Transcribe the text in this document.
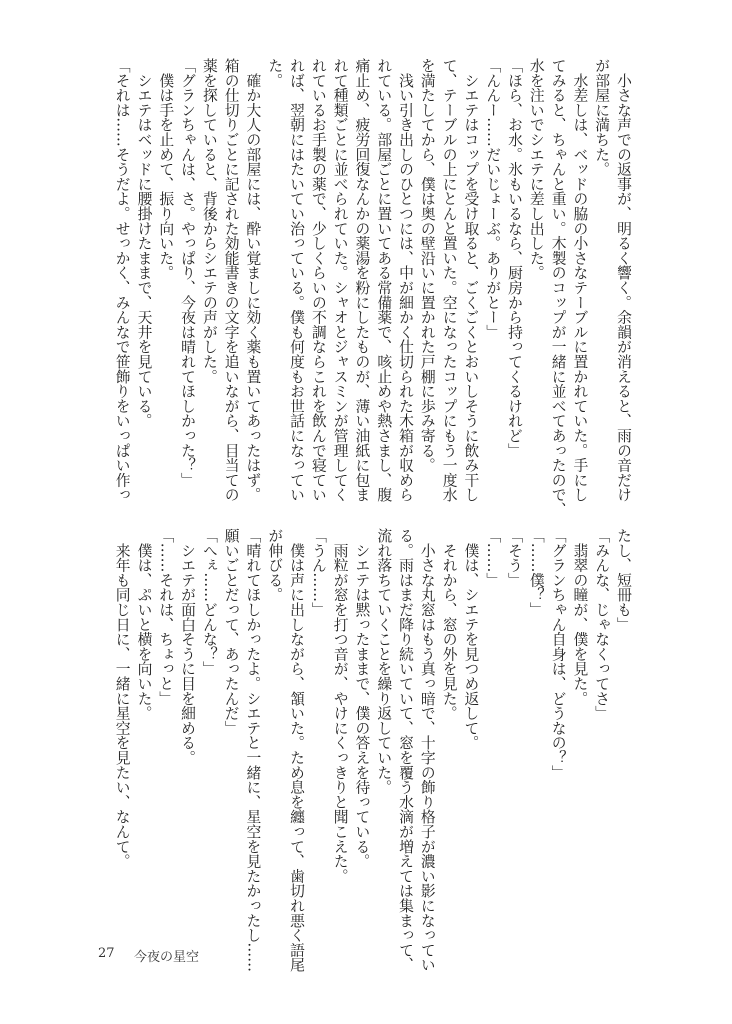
　小さな声での返事が、明るく響く。余韻が消えると、雨の音だけ
が部屋に満ちた。
　水差しは、ベッドの脇の小さなテーブルに置かれていた。手にし
てみると、ちゃんと重い。木製のコップが一緒に並べてあったので、
水を注いでシエテに差し出した。
「ほら、お水。氷もいるなら、厨房から持ってくるけれど」
「んんー……だいじょーぶ。ありがとー」
　シエテはコップを受け取ると、ごくごくとおいしそうに飲み干し
て、テーブルの上にとんと置いた。空になったコップにもう一度水
を満たしてから、僕は奥の壁沿いに置かれた戸棚に歩み寄る。
　浅い引き出しのひとつには、中が細かく仕切られた木箱が収めら
れている。部屋ごとに置いてある常備薬で、咳止めや熱さまし、腹
痛止め、疲労回復なんかの薬湯を粉にしたものが、薄い油紙に包ま
れて種類ごとに並べられていた。シャオとジャスミンが管理してく
れているお手製の薬で、少しくらいの不調ならこれを飲んで寝てい
れば、翌朝にはたいてい治っている。僕も何度もお世話になってい
た。
　確か大人の部屋には、酔い覚ましに効く薬も置いてあったはず。
箱の仕切りごとに記された効能書きの文字を追いながら、目当ての
薬を探していると、背後からシエテの声がした。
「グランちゃんは、さ。やっぱり、今夜は晴れてほしかった？」
　僕は手を止めて、振り向いた。
　シエテはベッドに腰掛けたままで、天井を見ている。
「それは……そうだよ。せっかく、みんなで笹飾りをいっぱい作っ
たし、短冊も」
「みんな、じゃなくってさ」
　翡翠の瞳が、僕を見た。
「グランちゃん自身は、どうなの？」
「……僕？」
「そう」
「……」
　僕は、シエテを見つめ返して。
　それから、窓の外を見た。
　小さな丸窓はもう真っ暗で、十字の飾り格子が濃い影になってい
る。雨はまだ降り続いていて、窓を覆う水滴が増えては集まって、
流れ落ちていくことを繰り返していた。
　シエテは黙ったままで、僕の答えを待っている。
　雨粒が窓を打つ音が、やけにくっきりと聞こえた。
「うん……」
　僕は声に出しながら、頷いた。ため息を纏って、歯切れ悪く語尾
が伸びる。
「晴れてほしかったよ。シエテと一緒に、星空を見たかったし……
願いごとだって、あったんだ」
「へぇ……どんな？」
　シエテが面白そうに目を細める。
「……それは、ちょっと」
　僕は、ぷいと横を向いた。
　来年も同じ日に、一緒に星空を見たい、なんて。
27 今夜の星空
